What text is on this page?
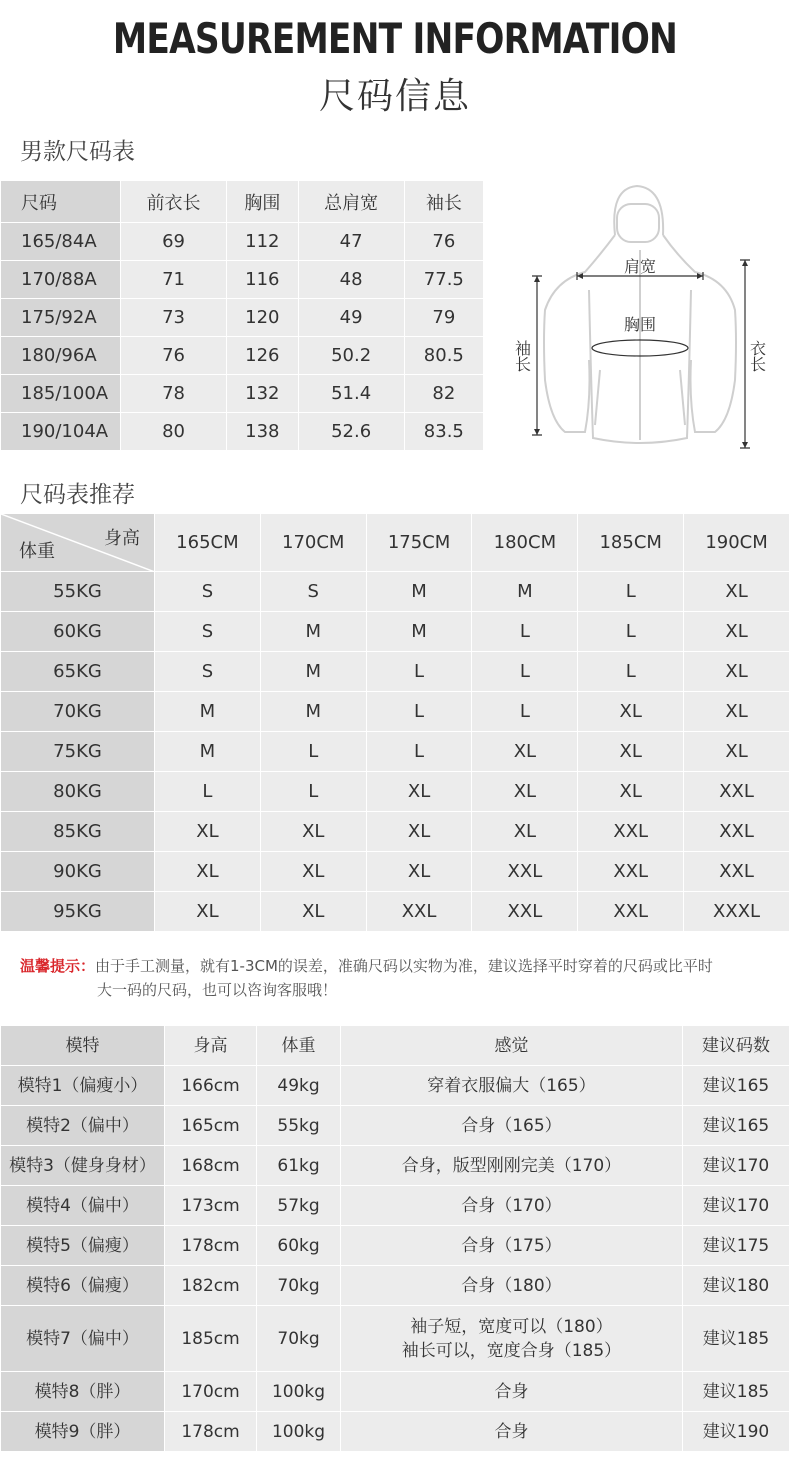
MEASUREMENT INFORMATION
尺码信息
男款尺码表
尺码	前衣长	胸围	总肩宽	袖长
165/84A	69	112	47	76
170/88A	71	116	48	77.5
175/92A	73	120	49	79
180/96A	76	126	50.2	80.5
185/100A	78	132	51.4	82
190/104A	80	138	52.6	83.5
肩宽
胸围
袖长	衣长
尺码表推荐
身高
体重	165CM	170CM	175CM	180CM	185CM	190CM
55KG	S	S	M	M	L	XL
60KG	S	M	M	L	L	XL
65KG	S	M	L	L	L	XL
70KG	M	M	L	L	XL	XL
75KG	M	L	L	XL	XL	XL
80KG	L	L	XL	XL	XL	XXL
85KG	XL	XL	XL	XL	XXL	XXL
90KG	XL	XL	XL	XXL	XXL	XXL
95KG	XL	XL	XXL	XXL	XXL	XXXL
温馨提示：由于手工测量，就有1-3CM的误差，准确尺码以实物为准，建议选择平时穿着的尺码或比平时
大一码的尺码，也可以咨询客服哦！
模特	身高	体重	感觉	建议码数
模特1（偏瘦小）	166cm	49kg	穿着衣服偏大（165）	建议165
模特2（偏中）	165cm	55kg	合身（165）	建议165
模特3（健身身材）	168cm	61kg	合身，版型刚刚完美（170）	建议170
模特4（偏中）	173cm	57kg	合身（170）	建议170
模特5（偏瘦）	178cm	60kg	合身（175）	建议175
模特6（偏瘦）	182cm	70kg	合身（180）	建议180
模特7（偏中）	185cm	70kg	袖子短，宽度可以（180）
袖长可以，宽度合身（185）	建议185
模特8（胖）	170cm	100kg	合身	建议185
模特9（胖）	178cm	100kg	合身	建议190
